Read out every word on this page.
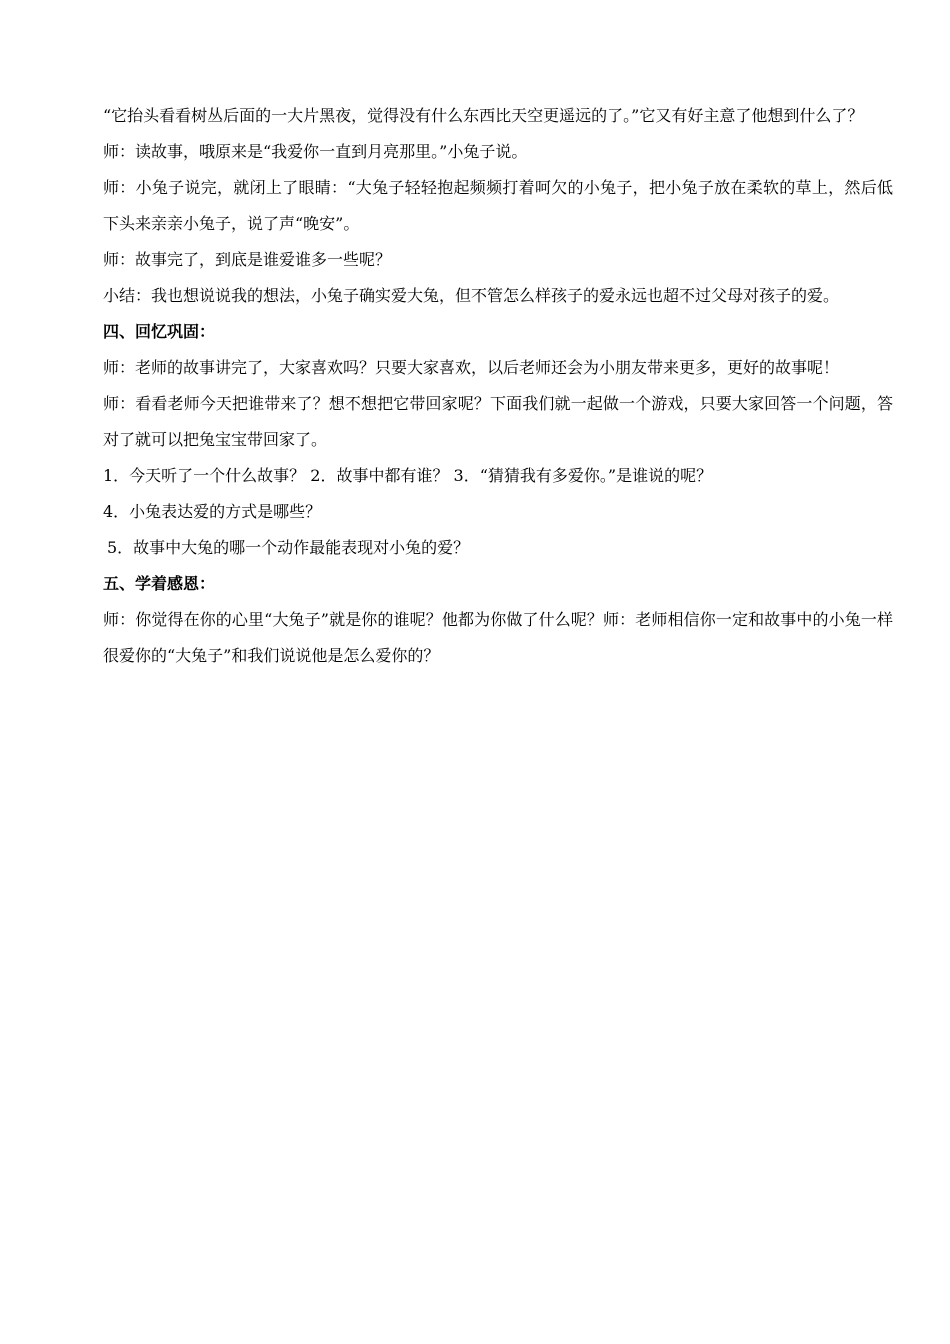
“它抬头看看树丛后面的一大片黑夜，觉得没有什么东西比天空更遥远的了。”它又有好主意了他想到什么了？

师：读故事，哦原来是“我爱你一直到月亮那里。”小兔子说。

师：小兔子说完，就闭上了眼睛：“大兔子轻轻抱起频频打着呵欠的小兔子，把小兔子放在柔软的草上，然后低下头来亲亲小兔子，说了声“晚安”。

师：故事完了，到底是谁爱谁多一些呢？

小结：我也想说说我的想法，小兔子确实爱大兔，但不管怎么样孩子的爱永远也超不过父母对孩子的爱。

四、回忆巩固：

师：老师的故事讲完了，大家喜欢吗？只要大家喜欢，以后老师还会为小朋友带来更多，更好的故事呢！

师：看看老师今天把谁带来了？想不想把它带回家呢？下面我们就一起做一个游戏，只要大家回答一个问题，答对了就可以把兔宝宝带回家了。

1．今天听了一个什么故事？ 2．故事中都有谁？ 3．“猜猜我有多爱你。”是谁说的呢？

4．小兔表达爱的方式是哪些？

5．故事中大兔的哪一个动作最能表现对小兔的爱？

五、学着感恩：

师：你觉得在你的心里“大兔子”就是你的谁呢？他都为你做了什么呢？师：老师相信你一定和故事中的小兔一样很爱你的“大兔子”和我们说说他是怎么爱你的？
